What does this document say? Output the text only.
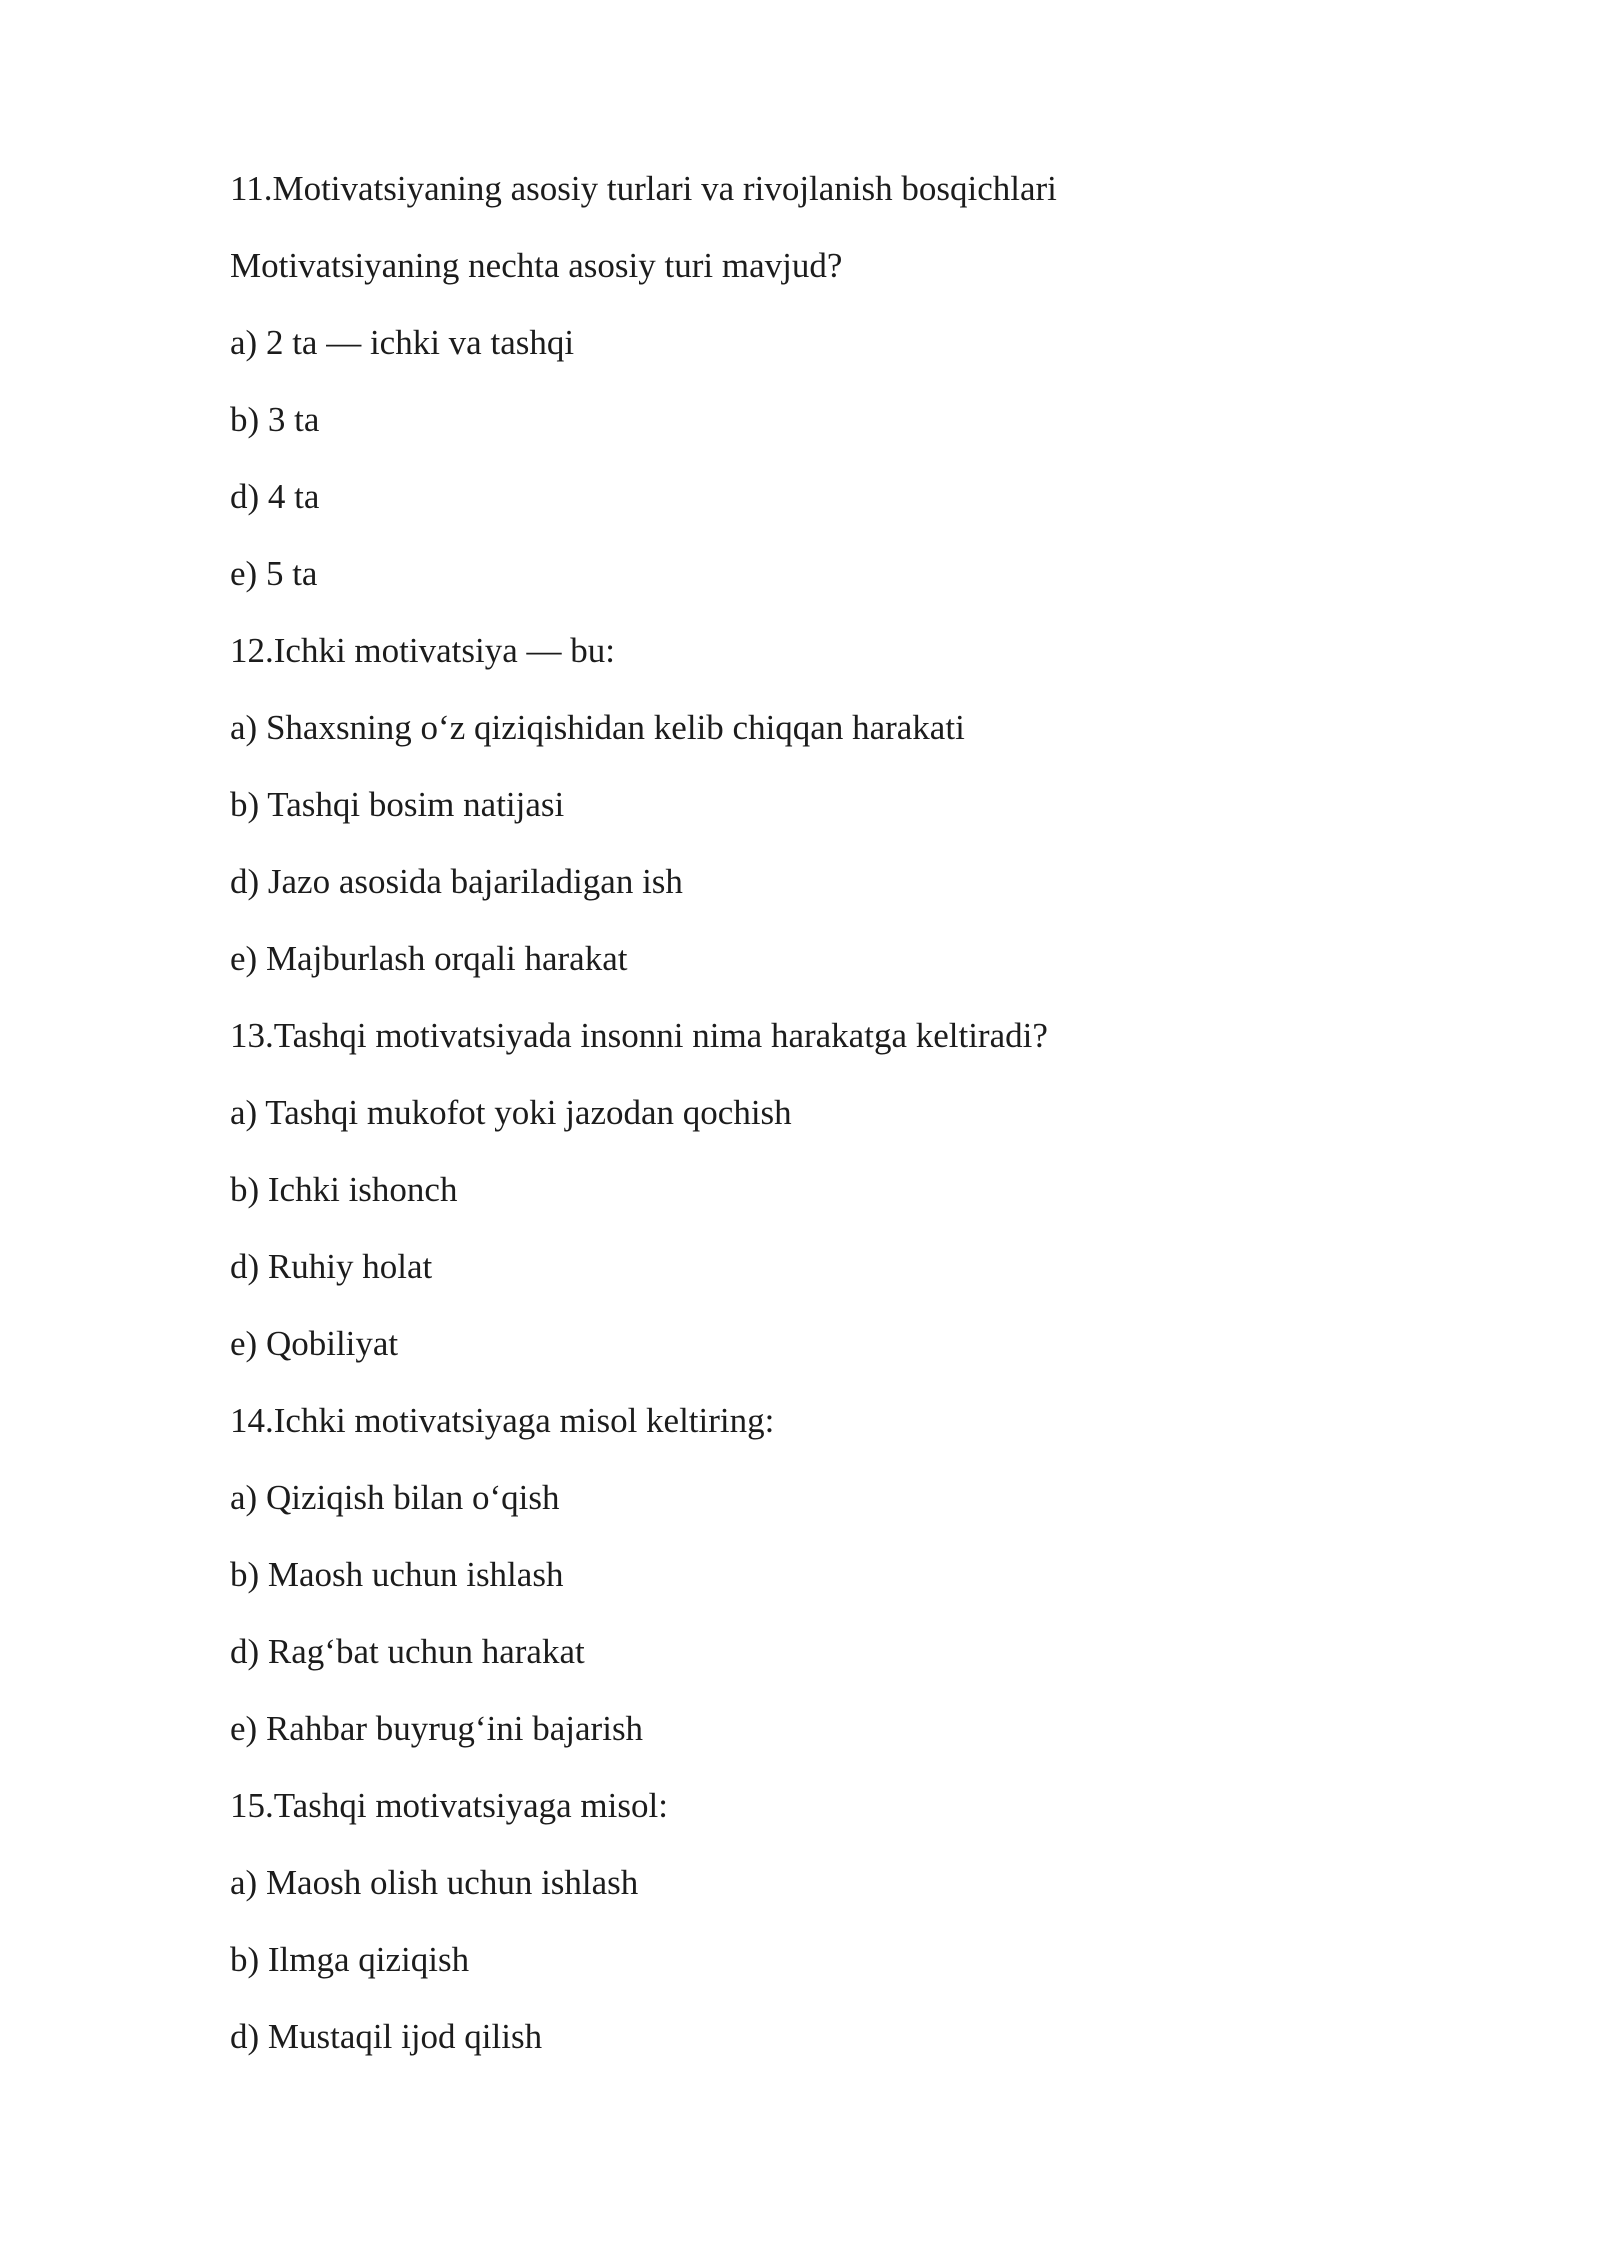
11.Motivatsiyaning asosiy turlari va rivojlanish bosqichlari
Motivatsiyaning nechta asosiy turi mavjud?
a) 2 ta — ichki va tashqi
b) 3 ta
d) 4 ta
e) 5 ta
12.Ichki motivatsiya — bu:
a) Shaxsning o‘z qiziqishidan kelib chiqqan harakati
b) Tashqi bosim natijasi
d) Jazo asosida bajariladigan ish
e) Majburlash orqali harakat
13.Tashqi motivatsiyada insonni nima harakatga keltiradi?
a) Tashqi mukofot yoki jazodan qochish
b) Ichki ishonch
d) Ruhiy holat
e) Qobiliyat
14.Ichki motivatsiyaga misol keltiring:
a) Qiziqish bilan o‘qish
b) Maosh uchun ishlash
d) Rag‘bat uchun harakat
e) Rahbar buyrug‘ini bajarish
15.Tashqi motivatsiyaga misol:
a) Maosh olish uchun ishlash
b) Ilmga qiziqish
d) Mustaqil ijod qilish
